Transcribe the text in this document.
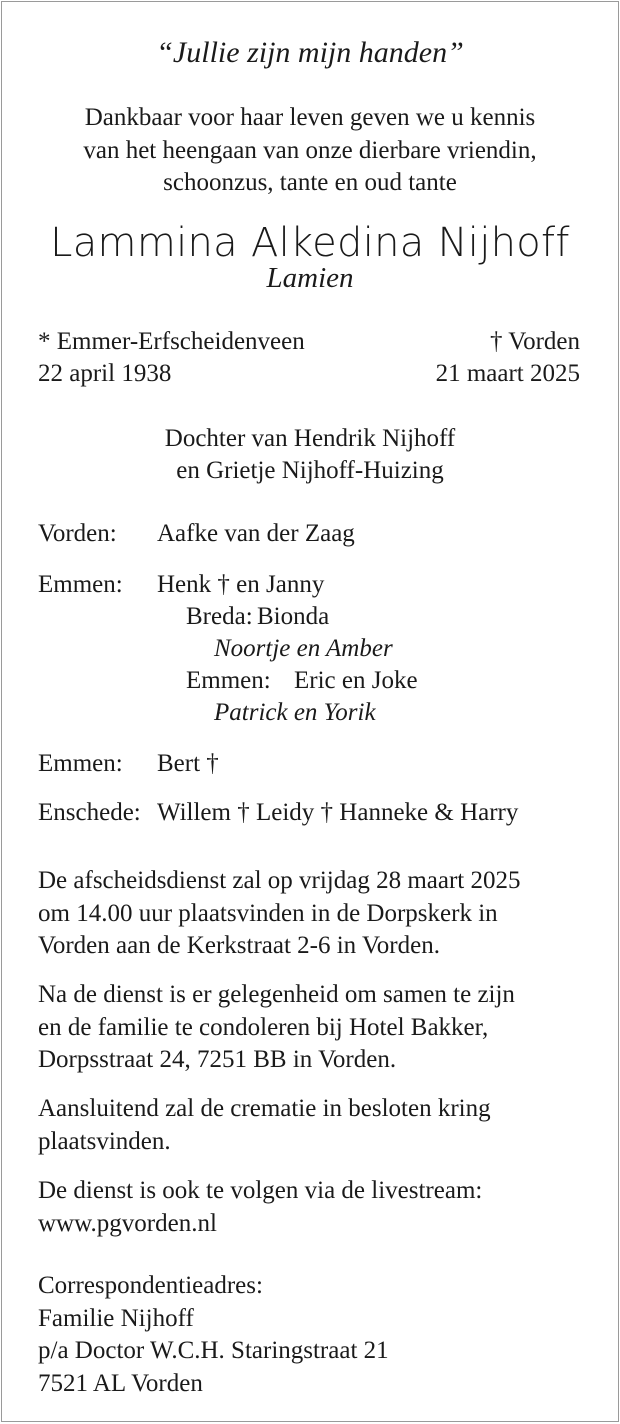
“Jullie zijn mijn handen”
Dankbaar voor haar leven geven we u kennis
van het heengaan van onze dierbare vriendin,
schoonzus, tante en oud tante
Lammina Alkedina Nijhoff
Lamien
* Emmer-Erfscheidenveen	† Vorden
22 april 1938	21 maart 2025
Dochter van Hendrik Nijhoff
en Grietje Nijhoff-Huizing
Vorden: Aafke van der Zaag
Emmen: Henk † en Janny
Breda: Bionda
Noortje en Amber
Emmen: Eric en Joke
Patrick en Yorik
Emmen: Bert †
Enschede: Willem † Leidy † Hanneke & Harry
De afscheidsdienst zal op vrijdag 28 maart 2025
om 14.00 uur plaatsvinden in de Dorpskerk in
Vorden aan de Kerkstraat 2-6 in Vorden.
Na de dienst is er gelegenheid om samen te zijn
en de familie te condoleren bij Hotel Bakker,
Dorpsstraat 24, 7251 BB in Vorden.
Aansluitend zal de crematie in besloten kring
plaatsvinden.
De dienst is ook te volgen via de livestream:
www.pgvorden.nl
Correspondentieadres:
Familie Nijhoff
p/a Doctor W.C.H. Staringstraat 21
7521 AL Vorden
